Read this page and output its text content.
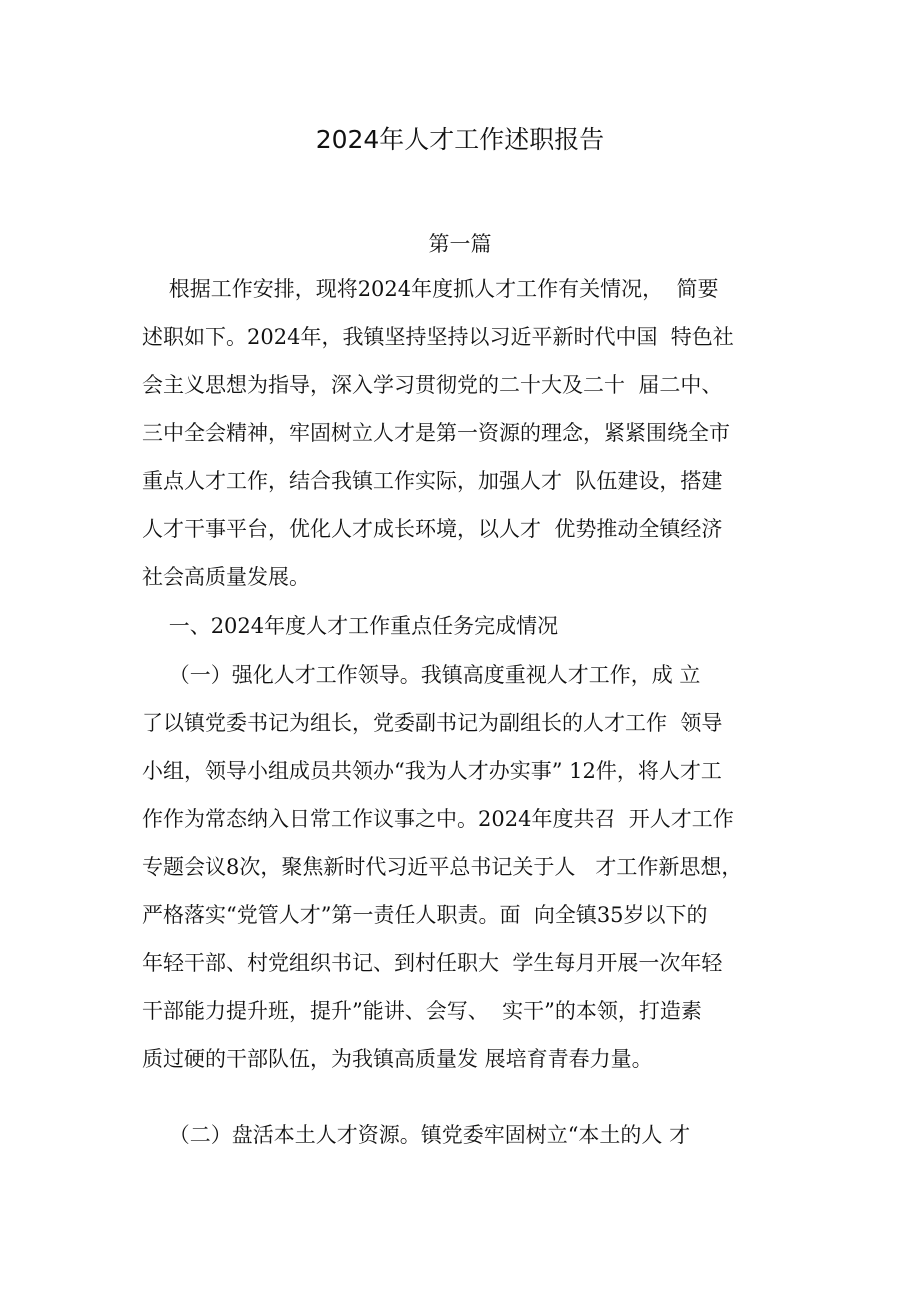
2024年人才工作述职报告

第一篇

根据工作安排，现将2024年度抓人才工作有关情况，  简要

述职如下。2024年，我镇坚持坚持以习近平新时代中国  特色社

会主义思想为指导，深入学习贯彻党的二十大及二十  届二中、

三中全会精神，牢固树立人才是第一资源的理念，紧紧围绕全市

重点人才工作，结合我镇工作实际，加强人才  队伍建设，搭建

人才干事平台，优化人才成长环境，以人才  优势推动全镇经济

社会高质量发展。

一、2024年度人才工作重点任务完成情况

（一）强化人才工作领导。我镇高度重视人才工作，成 立

了以镇党委书记为组长，党委副书记为副组长的人才工作  领导

小组，领导小组成员共领办“我为人才办实事” 12件，将人才工

作作为常态纳入日常工作议事之中。2024年度共召  开人才工作

专题会议8次，聚焦新时代习近平总书记关于人   才工作新思想，

严格落实“党管人才”第一责任人职责。面  向全镇35岁以下的

年轻干部、村党组织书记、到村任职大  学生每月开展一次年轻

干部能力提升班，提升”能讲、会写、  实干”的本领，打造素

质过硬的干部队伍，为我镇高质量发 展培育青春力量。

（二）盘活本土人才资源。镇党委牢固树立“本土的人 才
